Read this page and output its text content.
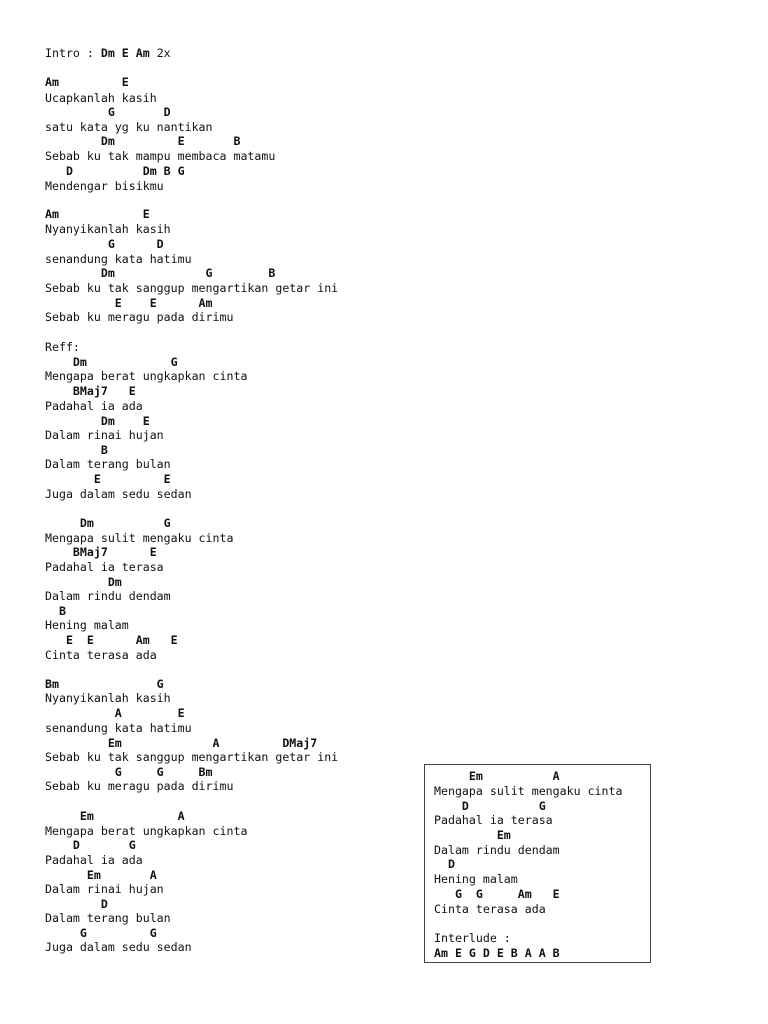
Intro : Dm E Am 2x
Am         E
Ucapkanlah kasih
G       D
satu kata yg ku nantikan
Dm         E       B
Sebab ku tak mampu membaca matamu
D          Dm B G
Mendengar bisikmu
Am            E
Nyanyikanlah kasih
G      D
senandung kata hatimu
Dm             G        B
Sebab ku tak sanggup mengartikan getar ini
E    E      Am
Sebab ku meragu pada dirimu
Reff:
Dm            G
Mengapa berat ungkapkan cinta
BMaj7   E
Padahal ia ada
Dm    E
Dalam rinai hujan
B
Dalam terang bulan
E         E
Juga dalam sedu sedan
Dm          G
Mengapa sulit mengaku cinta
BMaj7      E
Padahal ia terasa
Dm
Dalam rindu dendam
B
Hening malam
E  E      Am   E
Cinta terasa ada
Bm              G
Nyanyikanlah kasih
A        E
senandung kata hatimu
Em             A         DMaj7
Sebab ku tak sanggup mengartikan getar ini
G     G     Bm
Sebab ku meragu pada dirimu
Em            A
Mengapa berat ungkapkan cinta
D       G
Padahal ia ada
Em       A
Dalam rinai hujan
D
Dalam terang bulan
G         G
Juga dalam sedu sedan
Em          A
Mengapa sulit mengaku cinta
D          G
Padahal ia terasa
Em
Dalam rindu dendam
D
Hening malam
G  G     Am   E
Cinta terasa ada
Interlude :
Am E G D E B A A B
